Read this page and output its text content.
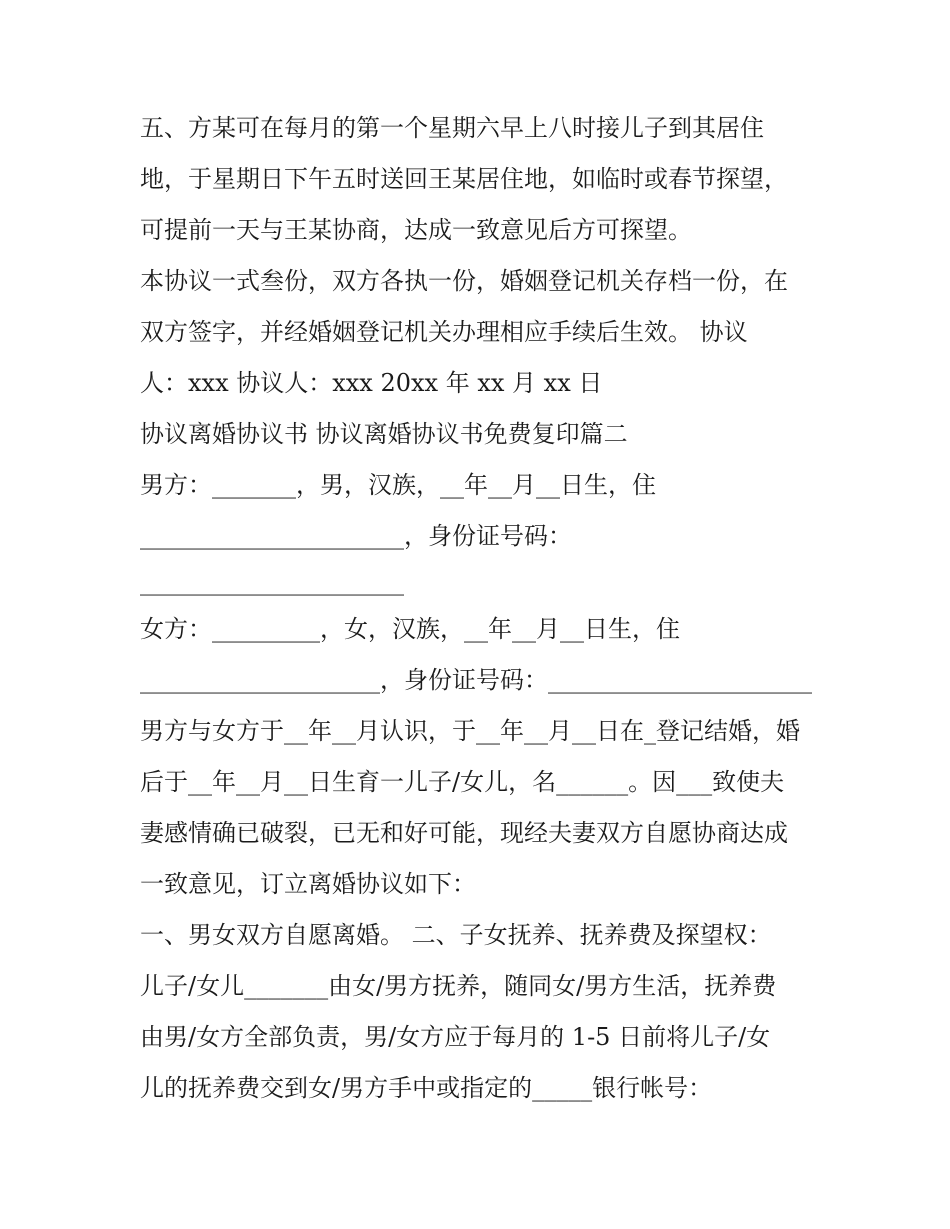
五、方某可在每月的第一个星期六早上八时接儿子到其居住
地，于星期日下午五时送回王某居住地，如临时或春节探望，
可提前一天与王某协商，达成一致意见后方可探望。
本协议一式叁份，双方各执一份，婚姻登记机关存档一份，在
双方签字，并经婚姻登记机关办理相应手续后生效。 协议
人：xxx 协议人：xxx 20xx 年 xx 月 xx 日
协议离婚协议书 协议离婚协议书免费复印篇二
男方：_______，男，汉族，__年__月__日生，住
______________________，身份证号码：
______________________
女方：_________，女，汉族，__年__月__日生，住
____________________，身份证号码：______________________
男方与女方于__年__月认识，于__年__月__日在_登记结婚，婚
后于__年__月__日生育一儿子/女儿，名______。因___致使夫
妻感情确已破裂，已无和好可能，现经夫妻双方自愿协商达成
一致意见，订立离婚协议如下：
一、男女双方自愿离婚。 二、子女抚养、抚养费及探望权：
儿子/女儿_______由女/男方抚养，随同女/男方生活，抚养费
由男/女方全部负责，男/女方应于每月的 1-5 日前将儿子/女
儿的抚养费交到女/男方手中或指定的_____银行帐号：
